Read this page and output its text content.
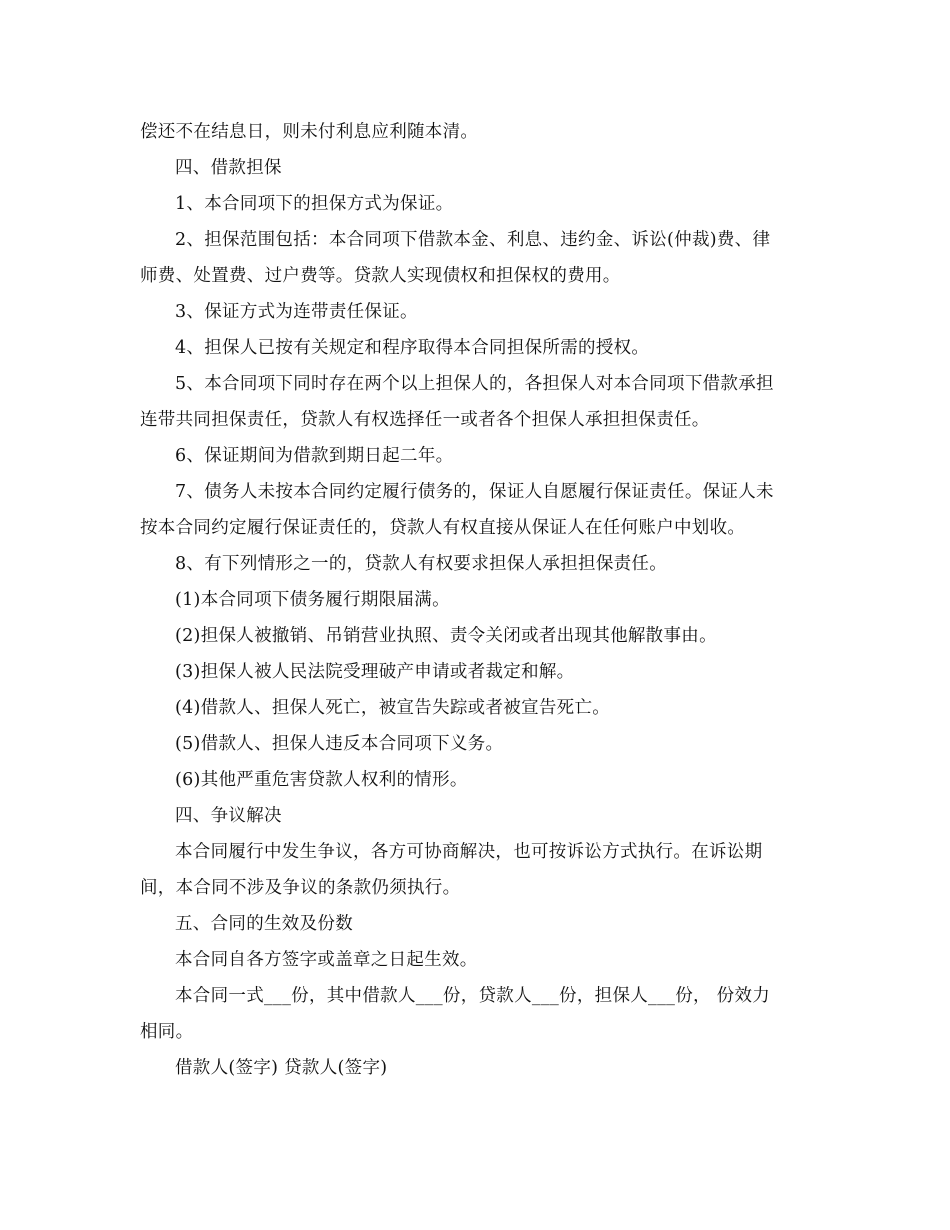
偿还不在结息日，则未付利息应利随本清。

四、借款担保

1、本合同项下的担保方式为保证。

2、担保范围包括：本合同项下借款本金、利息、违约金、诉讼(仲裁)费、律
师费、处置费、过户费等。贷款人实现债权和担保权的费用。

3、保证方式为连带责任保证。

4、担保人已按有关规定和程序取得本合同担保所需的授权。

5、本合同项下同时存在两个以上担保人的，各担保人对本合同项下借款承担
连带共同担保责任，贷款人有权选择任一或者各个担保人承担担保责任。

6、保证期间为借款到期日起二年。

7、债务人未按本合同约定履行债务的，保证人自愿履行保证责任。保证人未
按本合同约定履行保证责任的，贷款人有权直接从保证人在任何账户中划收。

8、有下列情形之一的，贷款人有权要求担保人承担担保责任。

(1)本合同项下债务履行期限届满。

(2)担保人被撤销、吊销营业执照、责令关闭或者出现其他解散事由。

(3)担保人被人民法院受理破产申请或者裁定和解。

(4)借款人、担保人死亡，被宣告失踪或者被宣告死亡。

(5)借款人、担保人违反本合同项下义务。

(6)其他严重危害贷款人权利的情形。

四、争议解决

本合同履行中发生争议，各方可协商解决，也可按诉讼方式执行。在诉讼期
间，本合同不涉及争议的条款仍须执行。

五、合同的生效及份数

本合同自各方签字或盖章之日起生效。

本合同一式___份，其中借款人___份，贷款人___份，担保人___份， 份效力
相同。

借款人(签字) 贷款人(签字)
